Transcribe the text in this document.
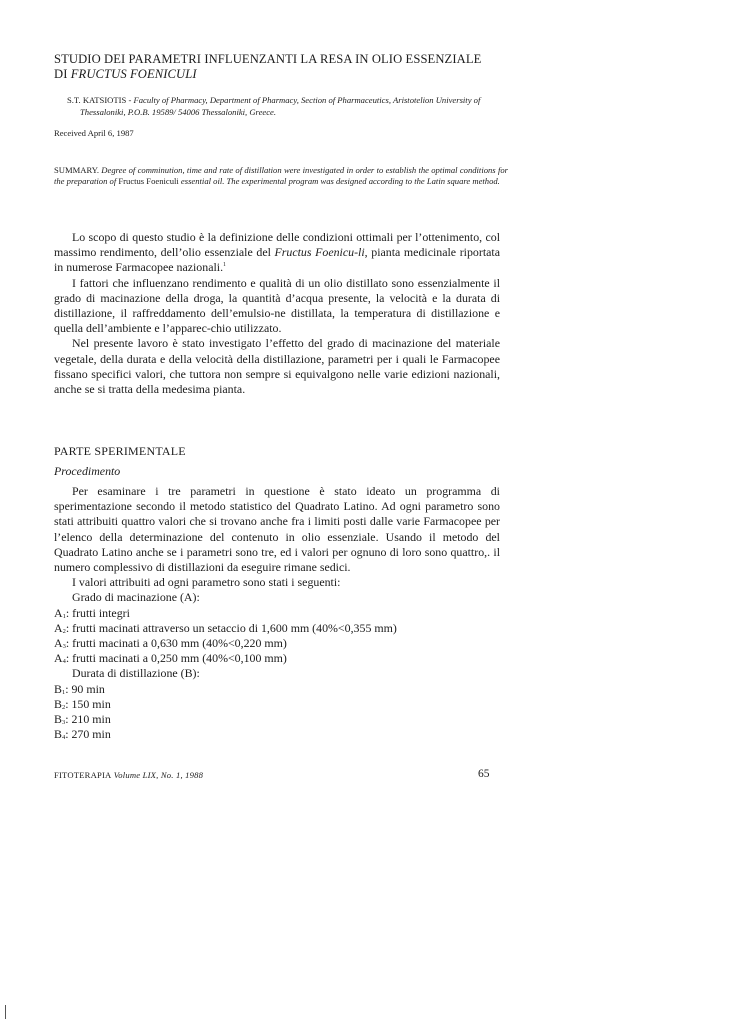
STUDIO DEI PARAMETRI INFLUENZANTI LA RESA IN OLIO ESSENZIALE
DI FRUCTUS FOENICULI
S.T. KATSIOTIS - Faculty of Pharmacy, Department of Pharmacy, Section of Pharmaceutics, Aristotelion University of Thessaloniki, P.O.B. 19589/ 54006 Thessaloniki, Greece.
Received April 6, 1987
SUMMARY. Degree of comminution, time and rate of distillation were investigated in order to establish the optimal conditions for the preparation of Fructus Foeniculi essential oil. The experimental program was designed according to the Latin square method.

Lo scopo di questo studio è la definizione delle condizioni ottimali per l’ottenimento, col massimo rendimento, dell’olio essenziale del Fructus Foenicu-li, pianta medicinale riportata in numerose Farmacopee nazionali.$^1$

I fattori che influenzano rendimento e qualità di un olio distillato sono essenzialmente il grado di macinazione della droga, la quantità d’acqua presente, la velocità e la durata di distillazione, il raffreddamento dell’emulsio-ne distillata, la temperatura di distillazione e quella dell’ambiente e l’apparec-chio utilizzato.

Nel presente lavoro è stato investigato l’effetto del grado di macinazione del materiale vegetale, della durata e della velocità della distillazione, parametri per i quali le Farmacopee fissano specifici valori, che tuttora non sempre si equivalgono nelle varie edizioni nazionali, anche se si tratta della medesima pianta.

PARTE SPERIMENTALE
Procedimento

Per esaminare i tre parametri in questione è stato ideato un programma di sperimentazione secondo il metodo statistico del Quadrato Latino. Ad ogni parametro sono stati attribuiti quattro valori che si trovano anche fra i limiti posti dalle varie Farmacopee per l’elenco della determinazione del contenuto in olio essenziale. Usando il metodo del Quadrato Latino anche se i parametri sono tre, ed i valori per ognuno di loro sono quattro,. il numero complessivo di distillazioni da eseguire rimane sedici.

I valori attribuiti ad ogni parametro sono stati i seguenti:

Grado di macinazione (A):

$A_1$: frutti integri

$A_2$: frutti macinati attraverso un setaccio di 1,600 mm (40%<0,355 mm)

$A_3$: frutti macinati a 0,630 mm (40%<0,220 mm)

$A_4$: frutti macinati a 0,250 mm (40%<0,100 mm)

Durata di distillazione (B):

$B_1$: 90 min

$B_2$: 150 min

$B_3$: 210 min

$B_4$: 270 min

FITOTERAPIA Volume LIX, No. 1, 1988	65
